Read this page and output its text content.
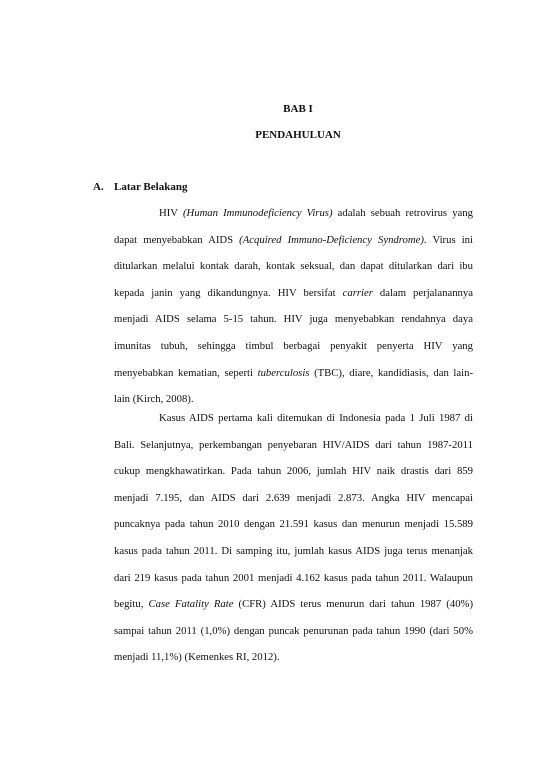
BAB I
PENDAHULUAN
A. Latar Belakang

HIV (Human Immunodeficiency Virus) adalah sebuah retrovirus yang dapat menyebabkan AIDS (Acquired Immuno-Deficiency Syndrome). Virus ini ditularkan melalui kontak darah, kontak seksual, dan dapat ditularkan dari ibu kepada janin yang dikandungnya. HIV bersifat carrier dalam perjalanannya menjadi AIDS selama 5-15 tahun. HIV juga menyebabkan rendahnya daya imunitas tubuh, sehingga timbul berbagai penyakit penyerta HIV yang menyebabkan kematian, seperti tuberculosis (TBC), diare, kandidiasis, dan lain-lain (Kirch, 2008).

Kasus AIDS pertama kali ditemukan di Indonesia pada 1 Juli 1987 di Bali. Selanjutnya, perkembangan penyebaran HIV/AIDS dari tahun 1987-2011 cukup mengkhawatirkan. Pada tahun 2006, jumlah HIV naik drastis dari 859 menjadi 7.195, dan AIDS dari 2.639 menjadi 2.873. Angka HIV mencapai puncaknya pada tahun 2010 dengan 21.591 kasus dan menurun menjadi 15.589 kasus pada tahun 2011. Di samping itu, jumlah kasus AIDS juga terus menanjak dari 219 kasus pada tahun 2001 menjadi 4.162 kasus pada tahun 2011. Walaupun begitu, Case Fatality Rate (CFR) AIDS terus menurun dari tahun 1987 (40%) sampai tahun 2011 (1,0%) dengan puncak penurunan pada tahun 1990 (dari 50% menjadi 11,1%) (Kemenkes RI, 2012).
